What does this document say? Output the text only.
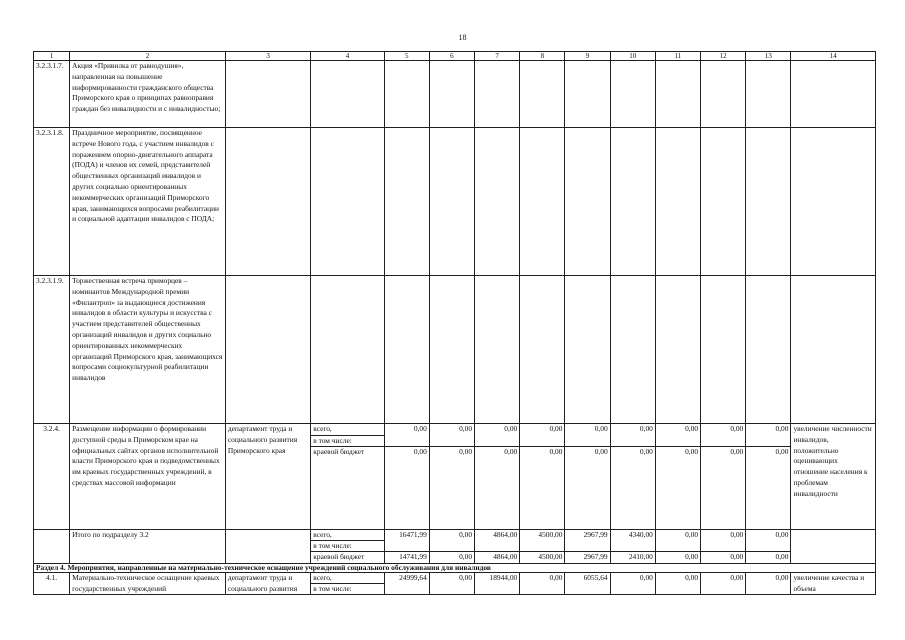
18
1	2	3	4	5	6	7	8	9	10	11	12	13	14
3.2.3.1.7.	Акция «Привилка от равнодушия», направленная на повышение информированности гражданского общества Приморского края о принципах равноправия граждан без инвалидности и с инвалидностью;												
3.2.3.1.8.	Праздничное мероприятие, посвященное встрече Нового года, с участием инвалидов с поражением опорно-двигательного аппарата (ПОДА) и членов их семей, представителей общественных организаций инвалидов и других социально ориентированных некоммерческих организаций Приморского края, занимающихся вопросами реабилитации и социальной адаптации инвалидов с ПОДА;												
3.2.3.1.9.	Торжественная встреча приморцев – номинантов Международной премии «Филантроп» за выдающиеся достижения инвалидов в области культуры и искусства с участием представителей общественных организаций инвалидов и других социально ориентированных некоммерческих организаций Приморского края, занимающихся вопросами социокультурной реабилитации инвалидов												
3.2.4.	Размещение информации о формировании доступной среды в Приморском крае на официальных сайтах органов исполнительной власти Приморского края и подведомственных им краевых государственных учреждений, в средствах массовой информации	департамент труда и социального развития Приморского края	всего,	0,00	0,00	0,00	0,00	0,00	0,00	0,00	0,00	0,00	увеличение численности инвалидов, положительно оценивающих отношение населения к проблемам инвалидности
			в том числе:										
			краевой бюджет	0,00	0,00	0,00	0,00	0,00	0,00	0,00	0,00	0,00	
	Итого по подразделу 3.2		всего,	16471,99	0,00	4864,00	4500,00	2967,99	4340,00	0,00	0,00	0,00	
			в том числе:										
			краевой бюджет	14741,99	0,00	4864,00	4500,00	2967,99	2410,00	0,00	0,00	0,00	
Раздел 4. Мероприятия, направленные на материально-техническое оснащение учреждений социального обслуживания для инвалидов													
4.1.	Материально-техническое оснащение краевых государственных учреждений	департамент труда и социального развития	всего,	24999,64	0,00	18944,00	0,00	6055,64	0,00	0,00	0,00	0,00	увеличение качества и объема
			в том числе:										
